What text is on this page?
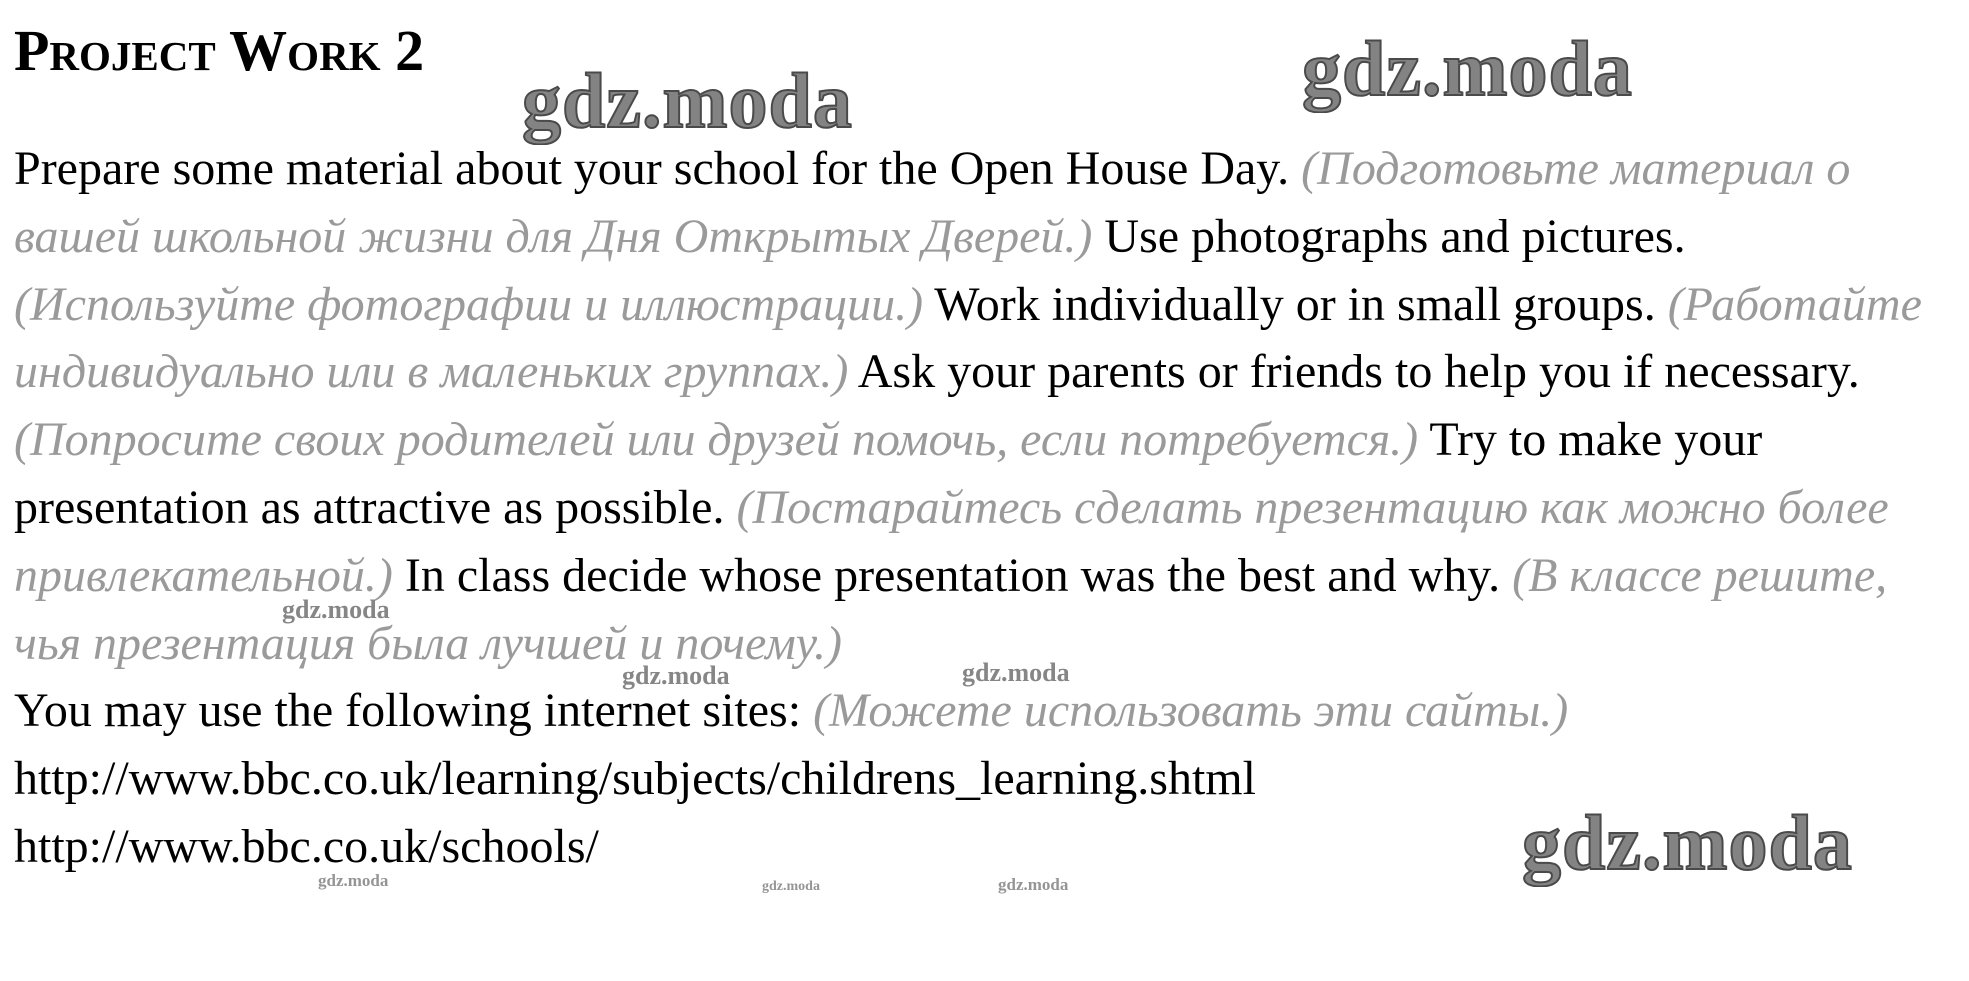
Project Work 2

Prepare some material about your school for the Open House Day. (Подготовьте материал о вашей школьной жизни для Дня Открытых Дверей.) Use photographs and pictures. (Используйте фотографии и иллюстрации.) Work individually or in small groups. (Работайте индивидуально или в маленьких группах.) Ask your parents or friends to help you if necessary. (Попросите своих родителей или друзей помочь, если потребуется.) Try to make your presentation as attractive as possible. (Постарайтесь сделать презентацию как можно более привлекательной.) In class decide whose presentation was the best and why. (В классе решите, чья презентация была лучшей и почему.)

You may use the following internet sites: (Можете использовать эти сайты.)

http://www.bbc.co.uk/learning/subjects/childrens_learning.shtml

http://www.bbc.co.uk/schools/

gdz.moda	gdz.moda
gdz.moda
gdz.moda
gdz.moda	gdz.moda
gdz.moda	gdz.moda
gdz.moda
